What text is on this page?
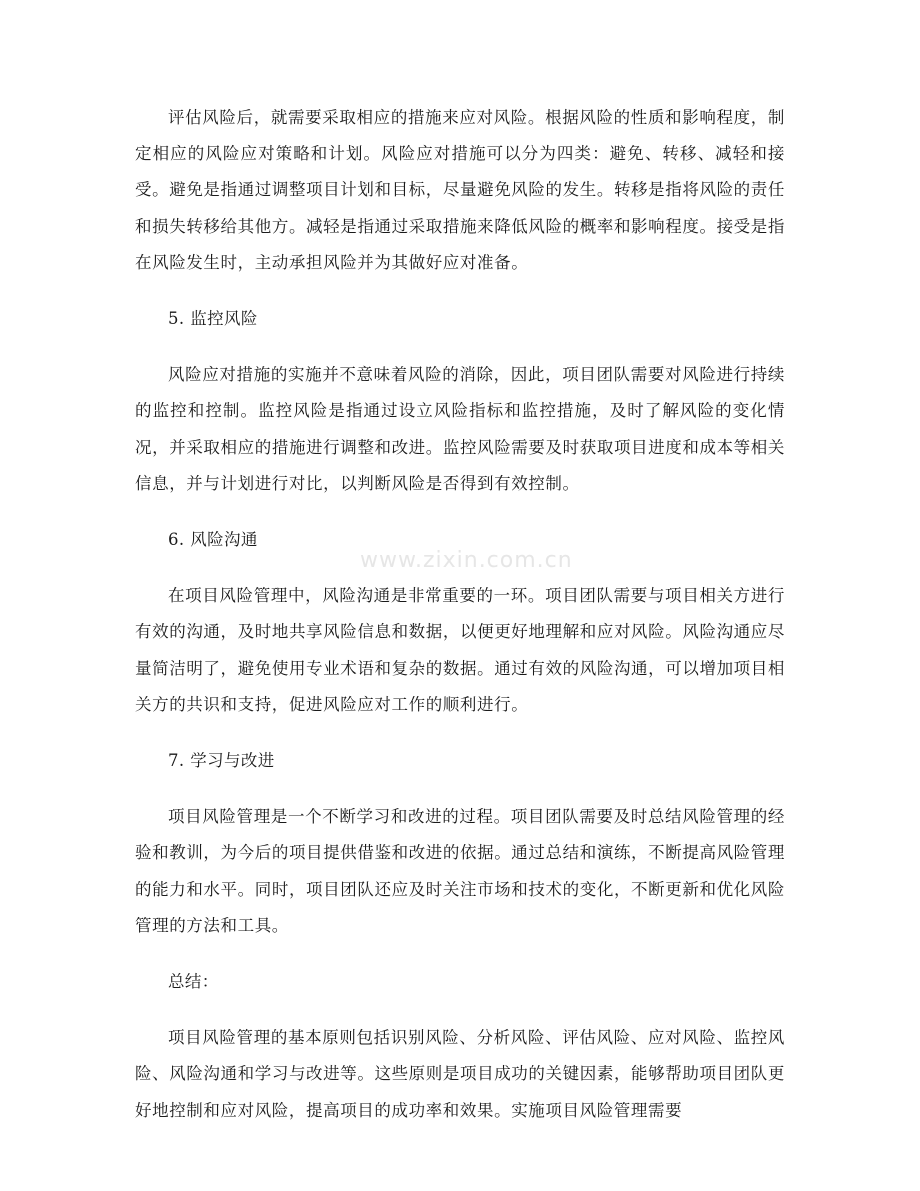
评估风险后，就需要采取相应的措施来应对风险。根据风险的性质和影响程度，制定相应的风险应对策略和计划。风险应对措施可以分为四类：避免、转移、减轻和接受。避免是指通过调整项目计划和目标，尽量避免风险的发生。转移是指将风险的责任和损失转移给其他方。减轻是指通过采取措施来降低风险的概率和影响程度。接受是指在风险发生时，主动承担风险并为其做好应对准备。

5. 监控风险

风险应对措施的实施并不意味着风险的消除，因此，项目团队需要对风险进行持续的监控和控制。监控风险是指通过设立风险指标和监控措施，及时了解风险的变化情况，并采取相应的措施进行调整和改进。监控风险需要及时获取项目进度和成本等相关信息，并与计划进行对比，以判断风险是否得到有效控制。

6. 风险沟通

在项目风险管理中，风险沟通是非常重要的一环。项目团队需要与项目相关方进行有效的沟通，及时地共享风险信息和数据，以便更好地理解和应对风险。风险沟通应尽量简洁明了，避免使用专业术语和复杂的数据。通过有效的风险沟通，可以增加项目相关方的共识和支持，促进风险应对工作的顺利进行。

7. 学习与改进

项目风险管理是一个不断学习和改进的过程。项目团队需要及时总结风险管理的经验和教训，为今后的项目提供借鉴和改进的依据。通过总结和演练，不断提高风险管理的能力和水平。同时，项目团队还应及时关注市场和技术的变化，不断更新和优化风险管理的方法和工具。

总结：

项目风险管理的基本原则包括识别风险、分析风险、评估风险、应对风险、监控风险、风险沟通和学习与改进等。这些原则是项目成功的关键因素，能够帮助项目团队更好地控制和应对风险，提高项目的成功率和效果。实施项目风险管理需要

www.zixin.com.cn
